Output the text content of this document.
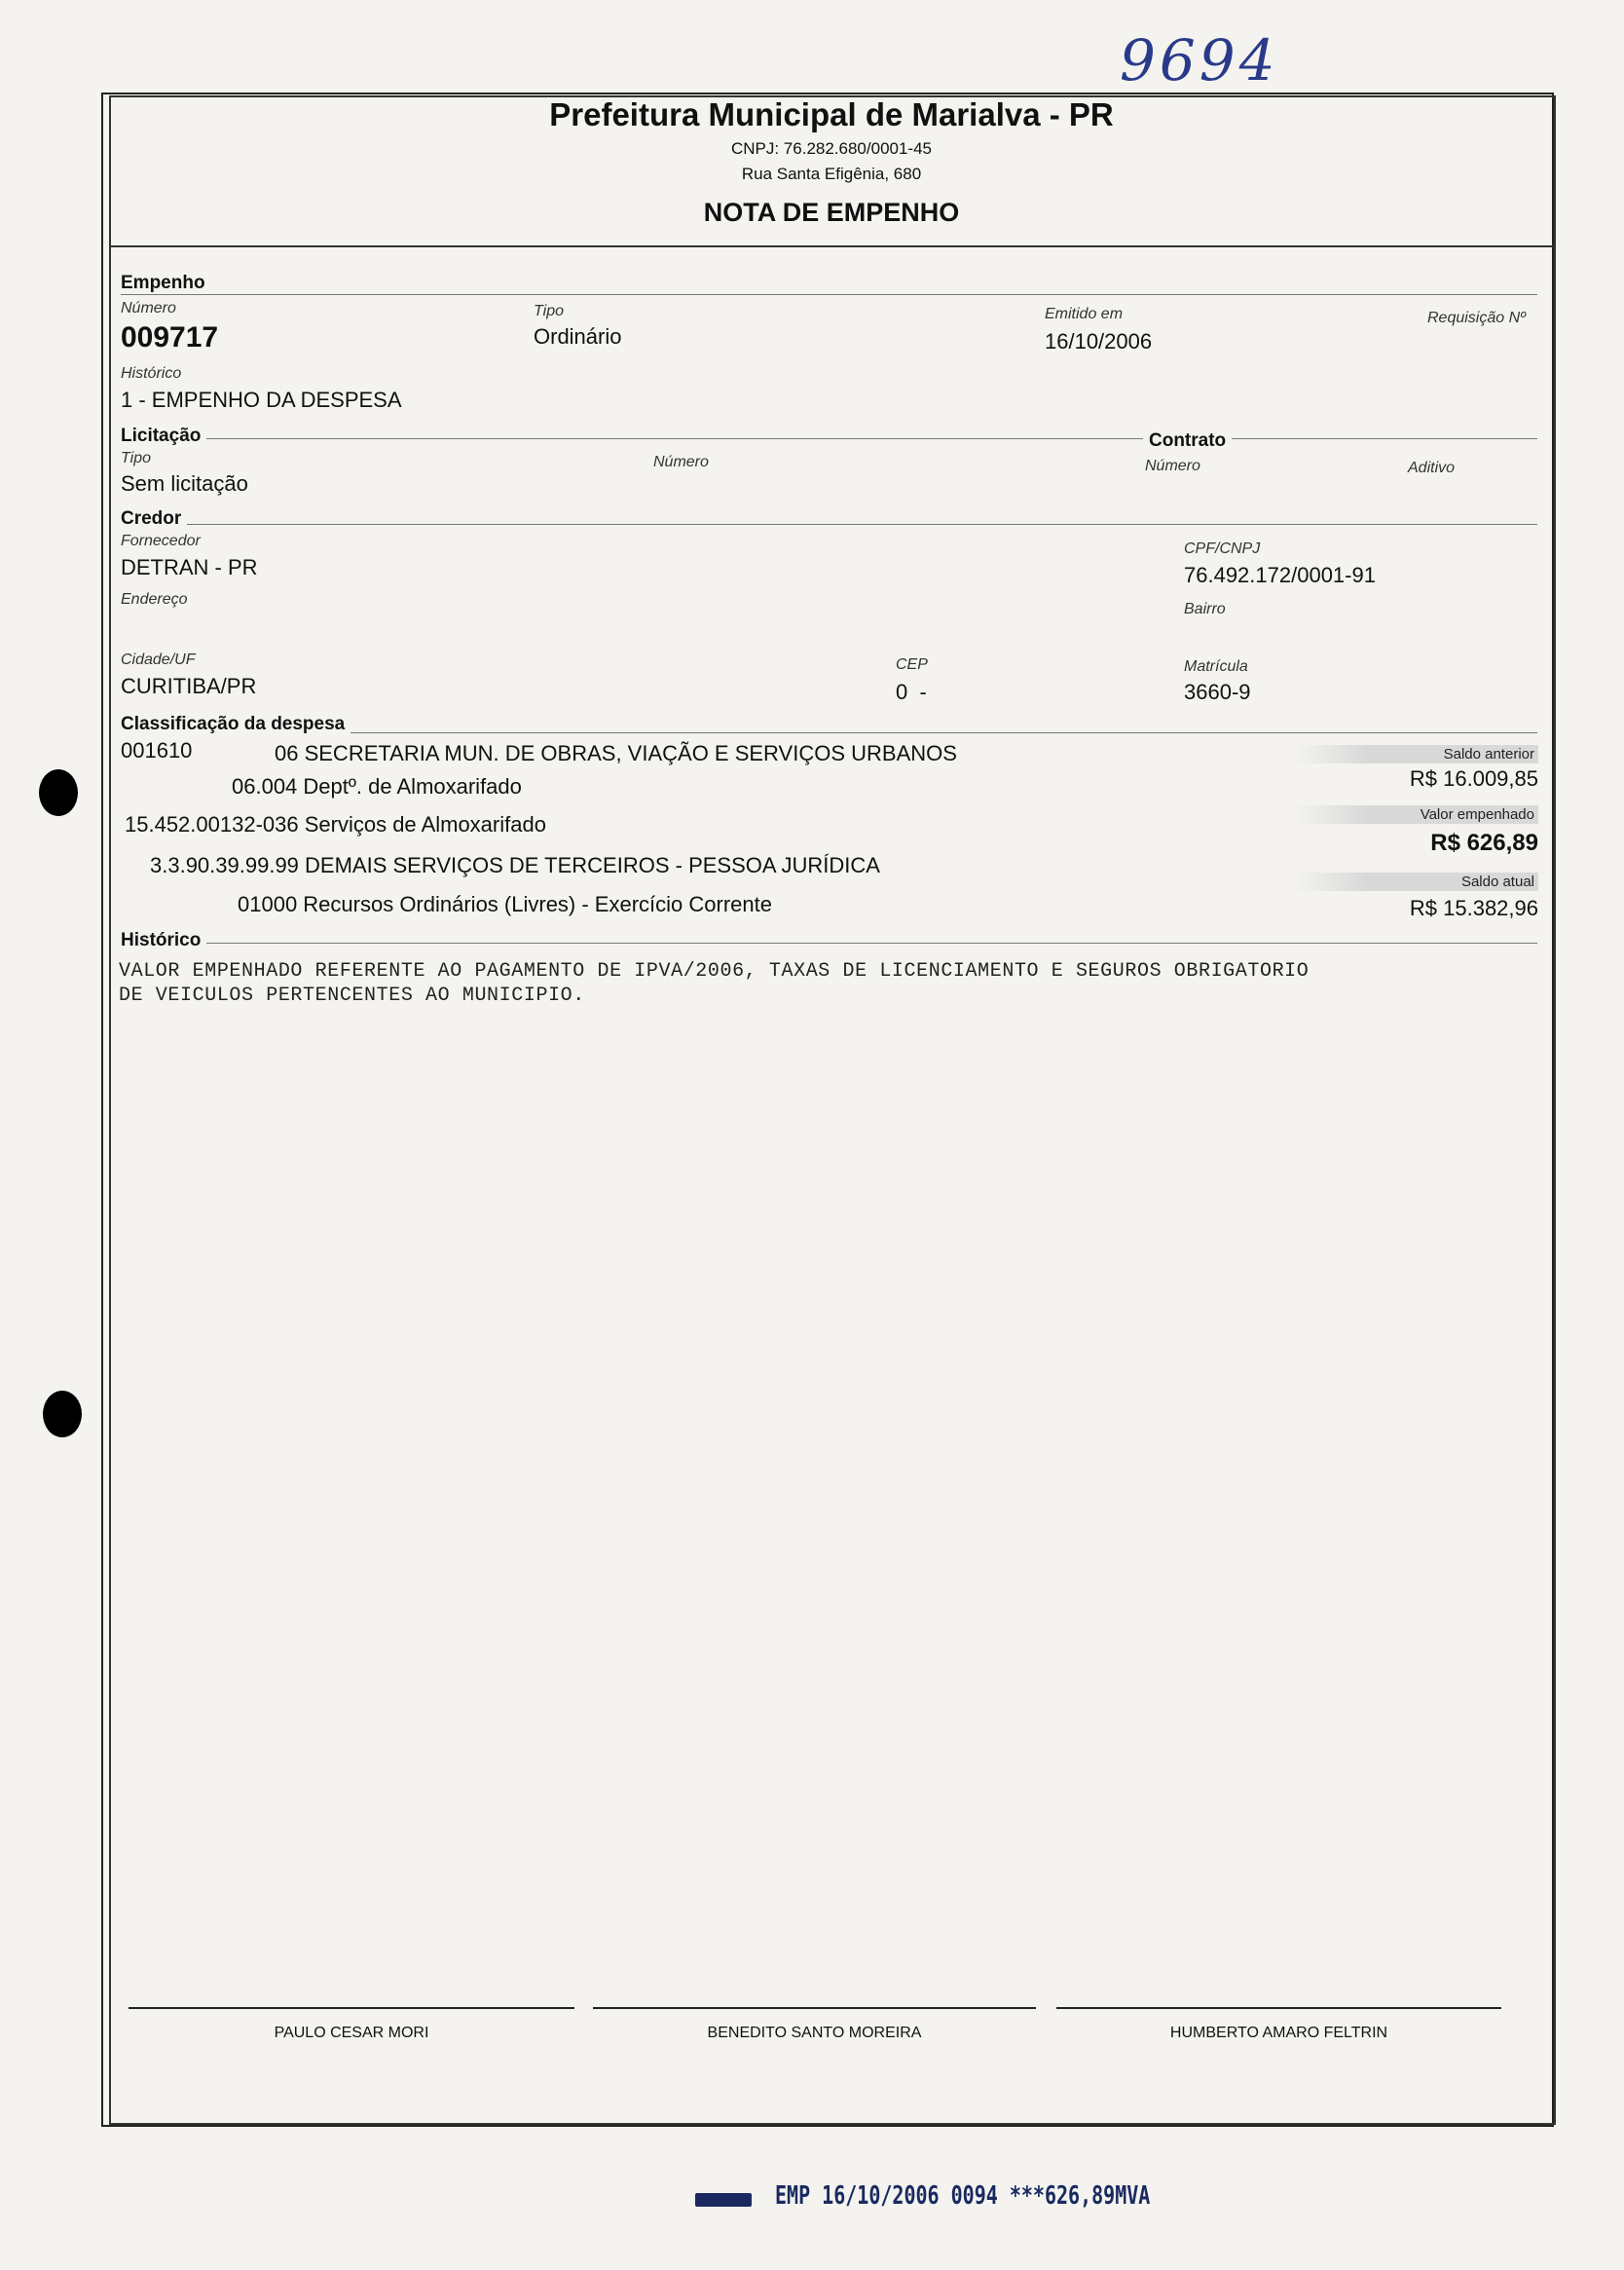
9694
Prefeitura Municipal de Marialva - PR
CNPJ: 76.282.680/0001-45
Rua Santa Efigênia, 680
NOTA DE EMPENHO
Empenho
Número
009717
Tipo
Ordinário
Emitido em
16/10/2006
Requisição Nº
Histórico
1 - EMPENHO DA DESPESA
Licitação	Contrato
Tipo
Sem licitação
Número	Número	Aditivo
Credor
Fornecedor
DETRAN - PR
CPF/CNPJ
76.492.172/0001-91
Endereço
Bairro
Cidade/UF
CURITIBA/PR
CEP
0  -
Matrícula
3660-9
Classificação da despesa
001610	06 SECRETARIA MUN. DE OBRAS, VIAÇÃO E SERVIÇOS URBANOS
06.004 Deptº. de Almoxarifado
15.452.00132-036 Serviços de Almoxarifado
3.3.90.39.99.99 DEMAIS SERVIÇOS DE TERCEIROS - PESSOA JURÍDICA
01000 Recursos Ordinários (Livres) - Exercício Corrente
Saldo anterior
R$ 16.009,85
Valor empenhado
R$ 626,89
Saldo atual
R$ 15.382,96
Histórico
VALOR EMPENHADO REFERENTE AO PAGAMENTO DE IPVA/2006, TAXAS DE LICENCIAMENTO E SEGUROS OBRIGATORIO
DE VEICULOS PERTENCENTES AO MUNICIPIO.
PAULO CESAR MORI	BENEDITO SANTO MOREIRA	HUMBERTO AMARO FELTRIN
EMP 16/10/2006 0094 ***626,89MVA
